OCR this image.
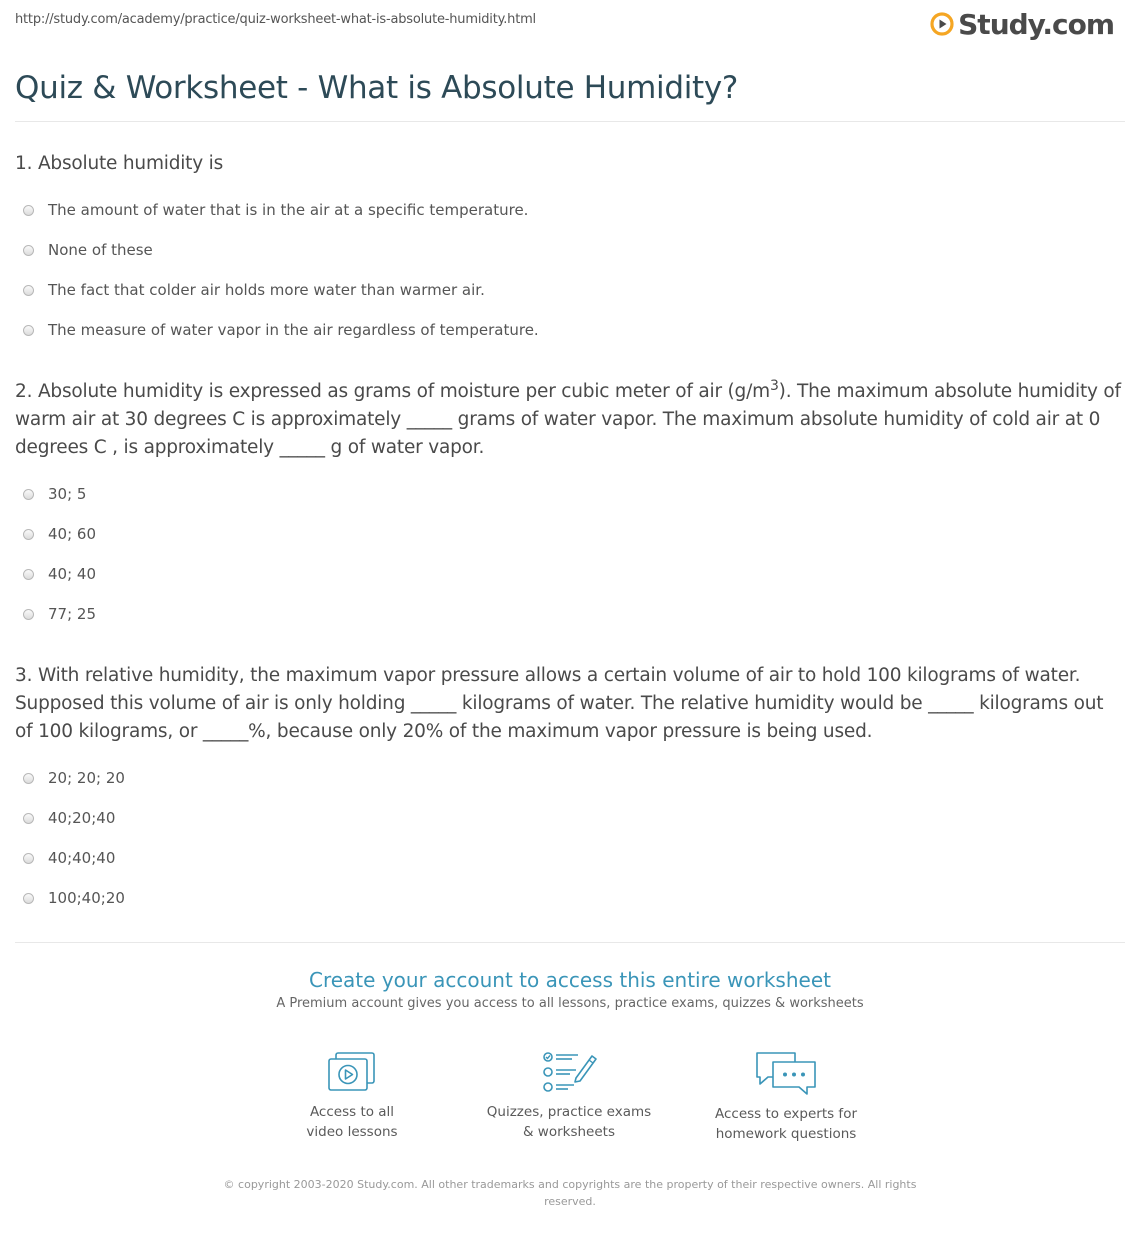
http://study.com/academy/practice/quiz-worksheet-what-is-absolute-humidity.html	Study.com
Quiz & Worksheet - What is Absolute Humidity?

1. Absolute humidity is

The amount of water that is in the air at a specific temperature.
None of these
The fact that colder air holds more water than warmer air.
The measure of water vapor in the air regardless of temperature.

2. Absolute humidity is expressed as grams of moisture per cubic meter of air $(g/m^3)$. The maximum absolute humidity of warm air at 30 degrees C is approximately _____ grams of water vapor. The maximum absolute humidity of cold air at 0 degrees C , is approximately _____ g of water vapor.

30; 5
40; 60
40; 40
77; 25

3. With relative humidity, the maximum vapor pressure allows a certain volume of air to hold 100 kilograms of water. Supposed this volume of air is only holding _____ kilograms of water. The relative humidity would be _____ kilograms out of 100 kilograms, or _____%, because only 20% of the maximum vapor pressure is being used.

20; 20; 20
40;20;40
40;40;40
100;40;20

Create your account to access this entire worksheet

A Premium account gives you access to all lessons, practice exams, quizzes & worksheets
Access to all
video lessons
Quizzes, practice exams
& worksheets
Access to experts for
homework questions
© copyright 2003-2020 Study.com. All other trademarks and copyrights are the property of their respective owners. All rights reserved.
